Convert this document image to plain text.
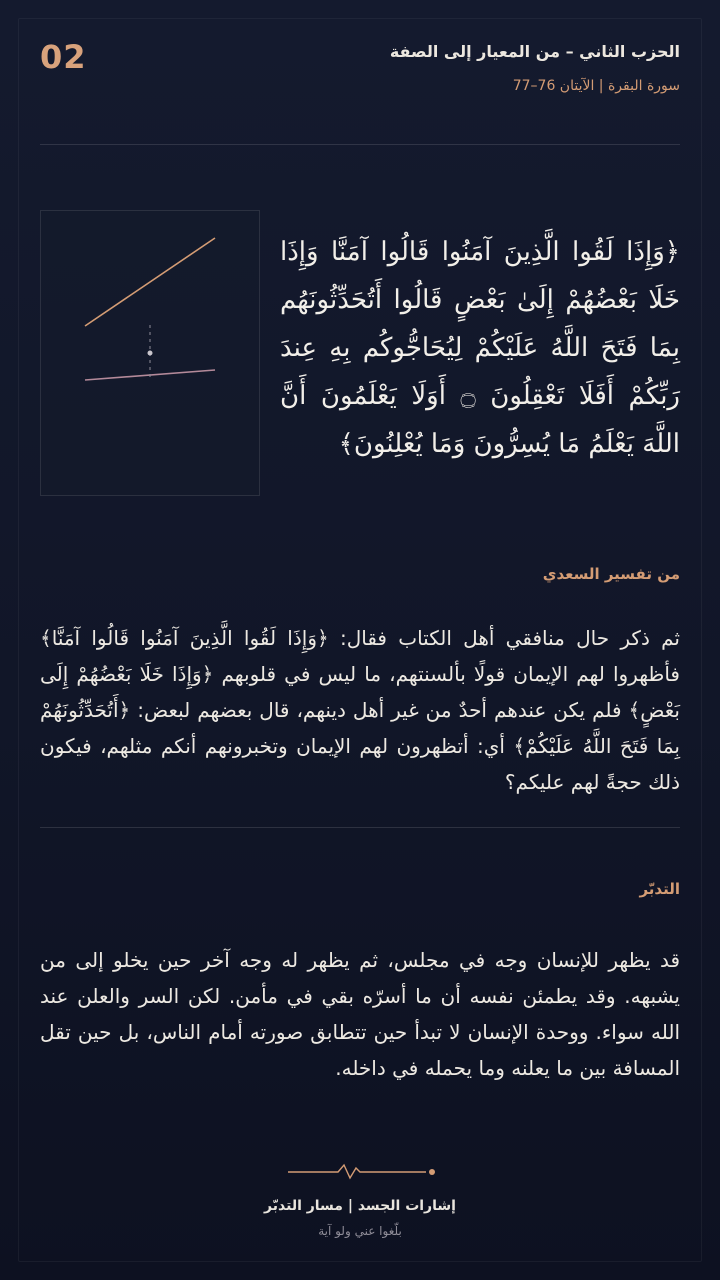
02	الحزب الثاني – من المعيار إلى الصفة
سورة البقرة | الآيتان 76–77
﴿وَإِذَا لَقُوا الَّذِينَ آمَنُوا قَالُوا آمَنَّا وَإِذَا خَلَا بَعْضُهُمْ إِلَىٰ بَعْضٍ قَالُوا أَتُحَدِّثُونَهُم بِمَا فَتَحَ اللَّهُ عَلَيْكُمْ لِيُحَاجُّوكُم بِهِ عِندَ رَبِّكُمْ أَفَلَا تَعْقِلُونَ ۝ أَوَلَا يَعْلَمُونَ أَنَّ اللَّهَ يَعْلَمُ مَا يُسِرُّونَ وَمَا يُعْلِنُونَ﴾
من تفسير السعدي
ثم ذكر حال منافقي أهل الكتاب فقال: ﴿وَإِذَا لَقُوا الَّذِينَ آمَنُوا قَالُوا آمَنَّا﴾ فأظهروا لهم الإيمان قولًا بألسنتهم، ما ليس في قلوبهم ﴿وَإِذَا خَلَا بَعْضُهُمْ إِلَى بَعْضٍ﴾ فلم يكن عندهم أحدٌ من غير أهل دينهم، قال بعضهم لبعض: ﴿أَتُحَدِّثُونَهُمْ بِمَا فَتَحَ اللَّهُ عَلَيْكُمْ﴾ أي: أتظهرون لهم الإيمان وتخبرونهم أنكم مثلهم، فيكون ذلك حجةً لهم عليكم؟
التدبّر
قد يظهر للإنسان وجه في مجلس، ثم يظهر له وجه آخر حين يخلو إلى من يشبهه. وقد يطمئن نفسه أن ما أسرّه بقي في مأمن. لكن السر والعلن عند الله سواء. ووحدة الإنسان لا تبدأ حين تتطابق صورته أمام الناس، بل حين تقل المسافة بين ما يعلنه وما يحمله في داخله.
إشارات الجسد | مسار التدبّر
بلّغوا عني ولو آية
